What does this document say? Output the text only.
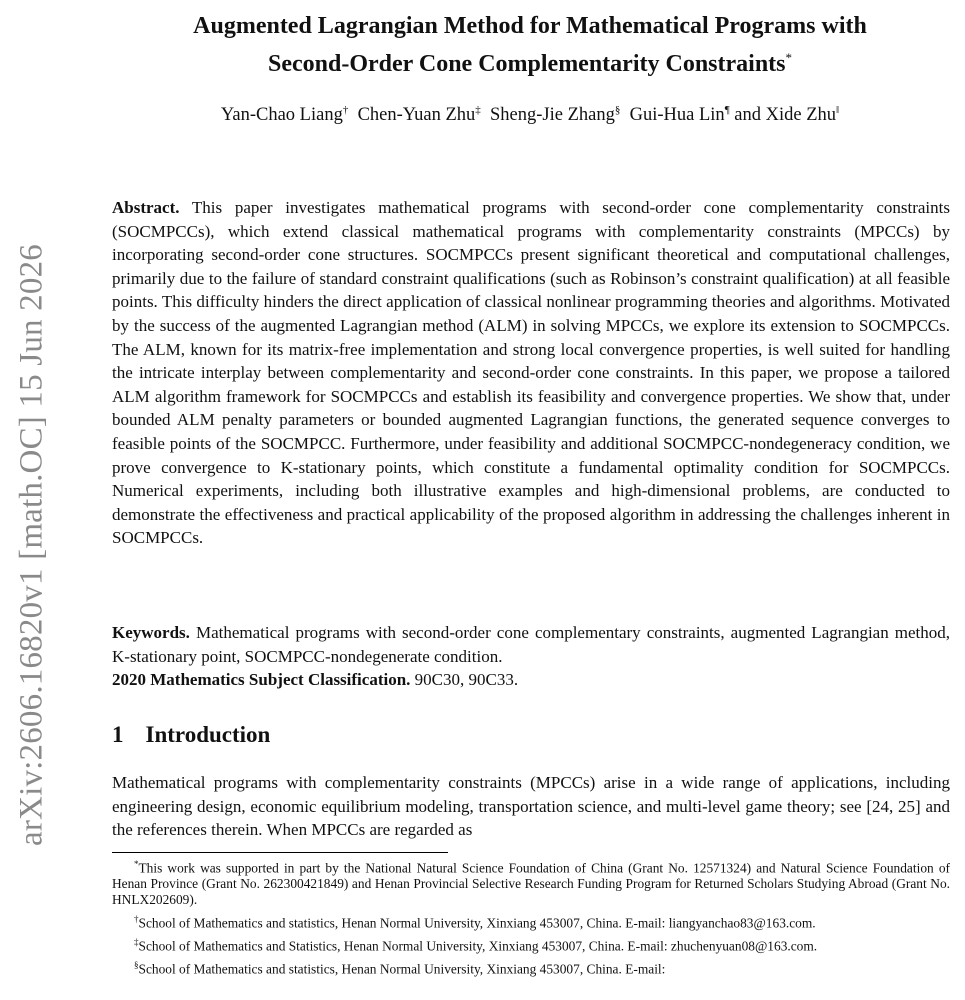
arXiv:2606.16820v1 [math.OC] 15 Jun 2026
Augmented Lagrangian Method for Mathematical Programs with
Second-Order Cone Complementarity Constraints*
Yan-Chao Liang† Chen-Yuan Zhu‡ Sheng-Jie Zhang§ Gui-Hua Lin¶ and Xide Zhu‖
Abstract. This paper investigates mathematical programs with second-order cone complementarity constraints (SOCMPCCs), which extend classical mathematical programs with complementarity constraints (MPCCs) by incorporating second-order cone structures. SOCMPCCs present significant theoretical and computational challenges, primarily due to the failure of standard constraint qualifications (such as Robinson’s constraint qualification) at all feasible points. This difficulty hinders the direct application of classical nonlinear programming theories and algorithms. Motivated by the success of the augmented Lagrangian method (ALM) in solving MPCCs, we explore its extension to SOCMPCCs. The ALM, known for its matrix-free implementation and strong local convergence properties, is well suited for handling the intricate interplay between complementarity and second-order cone constraints. In this paper, we propose a tailored ALM algorithm framework for SOCMPCCs and establish its feasibility and convergence properties. We show that, under bounded ALM penalty parameters or bounded augmented Lagrangian functions, the generated sequence converges to feasible points of the SOCMPCC. Furthermore, under feasibility and additional SOCMPCC-nondegeneracy condition, we prove convergence to K-stationary points, which constitute a fundamental optimality condition for SOCMPCCs. Numerical experiments, including both illustrative examples and high-dimensional problems, are conducted to demonstrate the effectiveness and practical applicability of the proposed algorithm in addressing the challenges inherent in SOCMPCCs.
Keywords. Mathematical programs with second-order cone complementary constraints, augmented Lagrangian method, K-stationary point, SOCMPCC-nondegenerate condition.
2020 Mathematics Subject Classification. 90C30, 90C33.
1 Introduction
Mathematical programs with complementarity constraints (MPCCs) arise in a wide range of applications, including engineering design, economic equilibrium modeling, transportation science, and multi-level game theory; see [24, 25] and the references therein. When MPCCs are regarded as
*This work was supported in part by the National Natural Science Foundation of China (Grant No. 12571324) and Natural Science Foundation of Henan Province (Grant No. 262300421849) and Henan Provincial Selective Research Funding Program for Returned Scholars Studying Abroad (Grant No. HNLX202609).
†School of Mathematics and statistics, Henan Normal University, Xinxiang 453007, China. E-mail: liangyanchao83@163.com.
‡School of Mathematics and Statistics, Henan Normal University, Xinxiang 453007, China. E-mail: zhuchenyuan08@163.com.
§School of Mathematics and statistics, Henan Normal University, Xinxiang 453007, China. E-mail:
